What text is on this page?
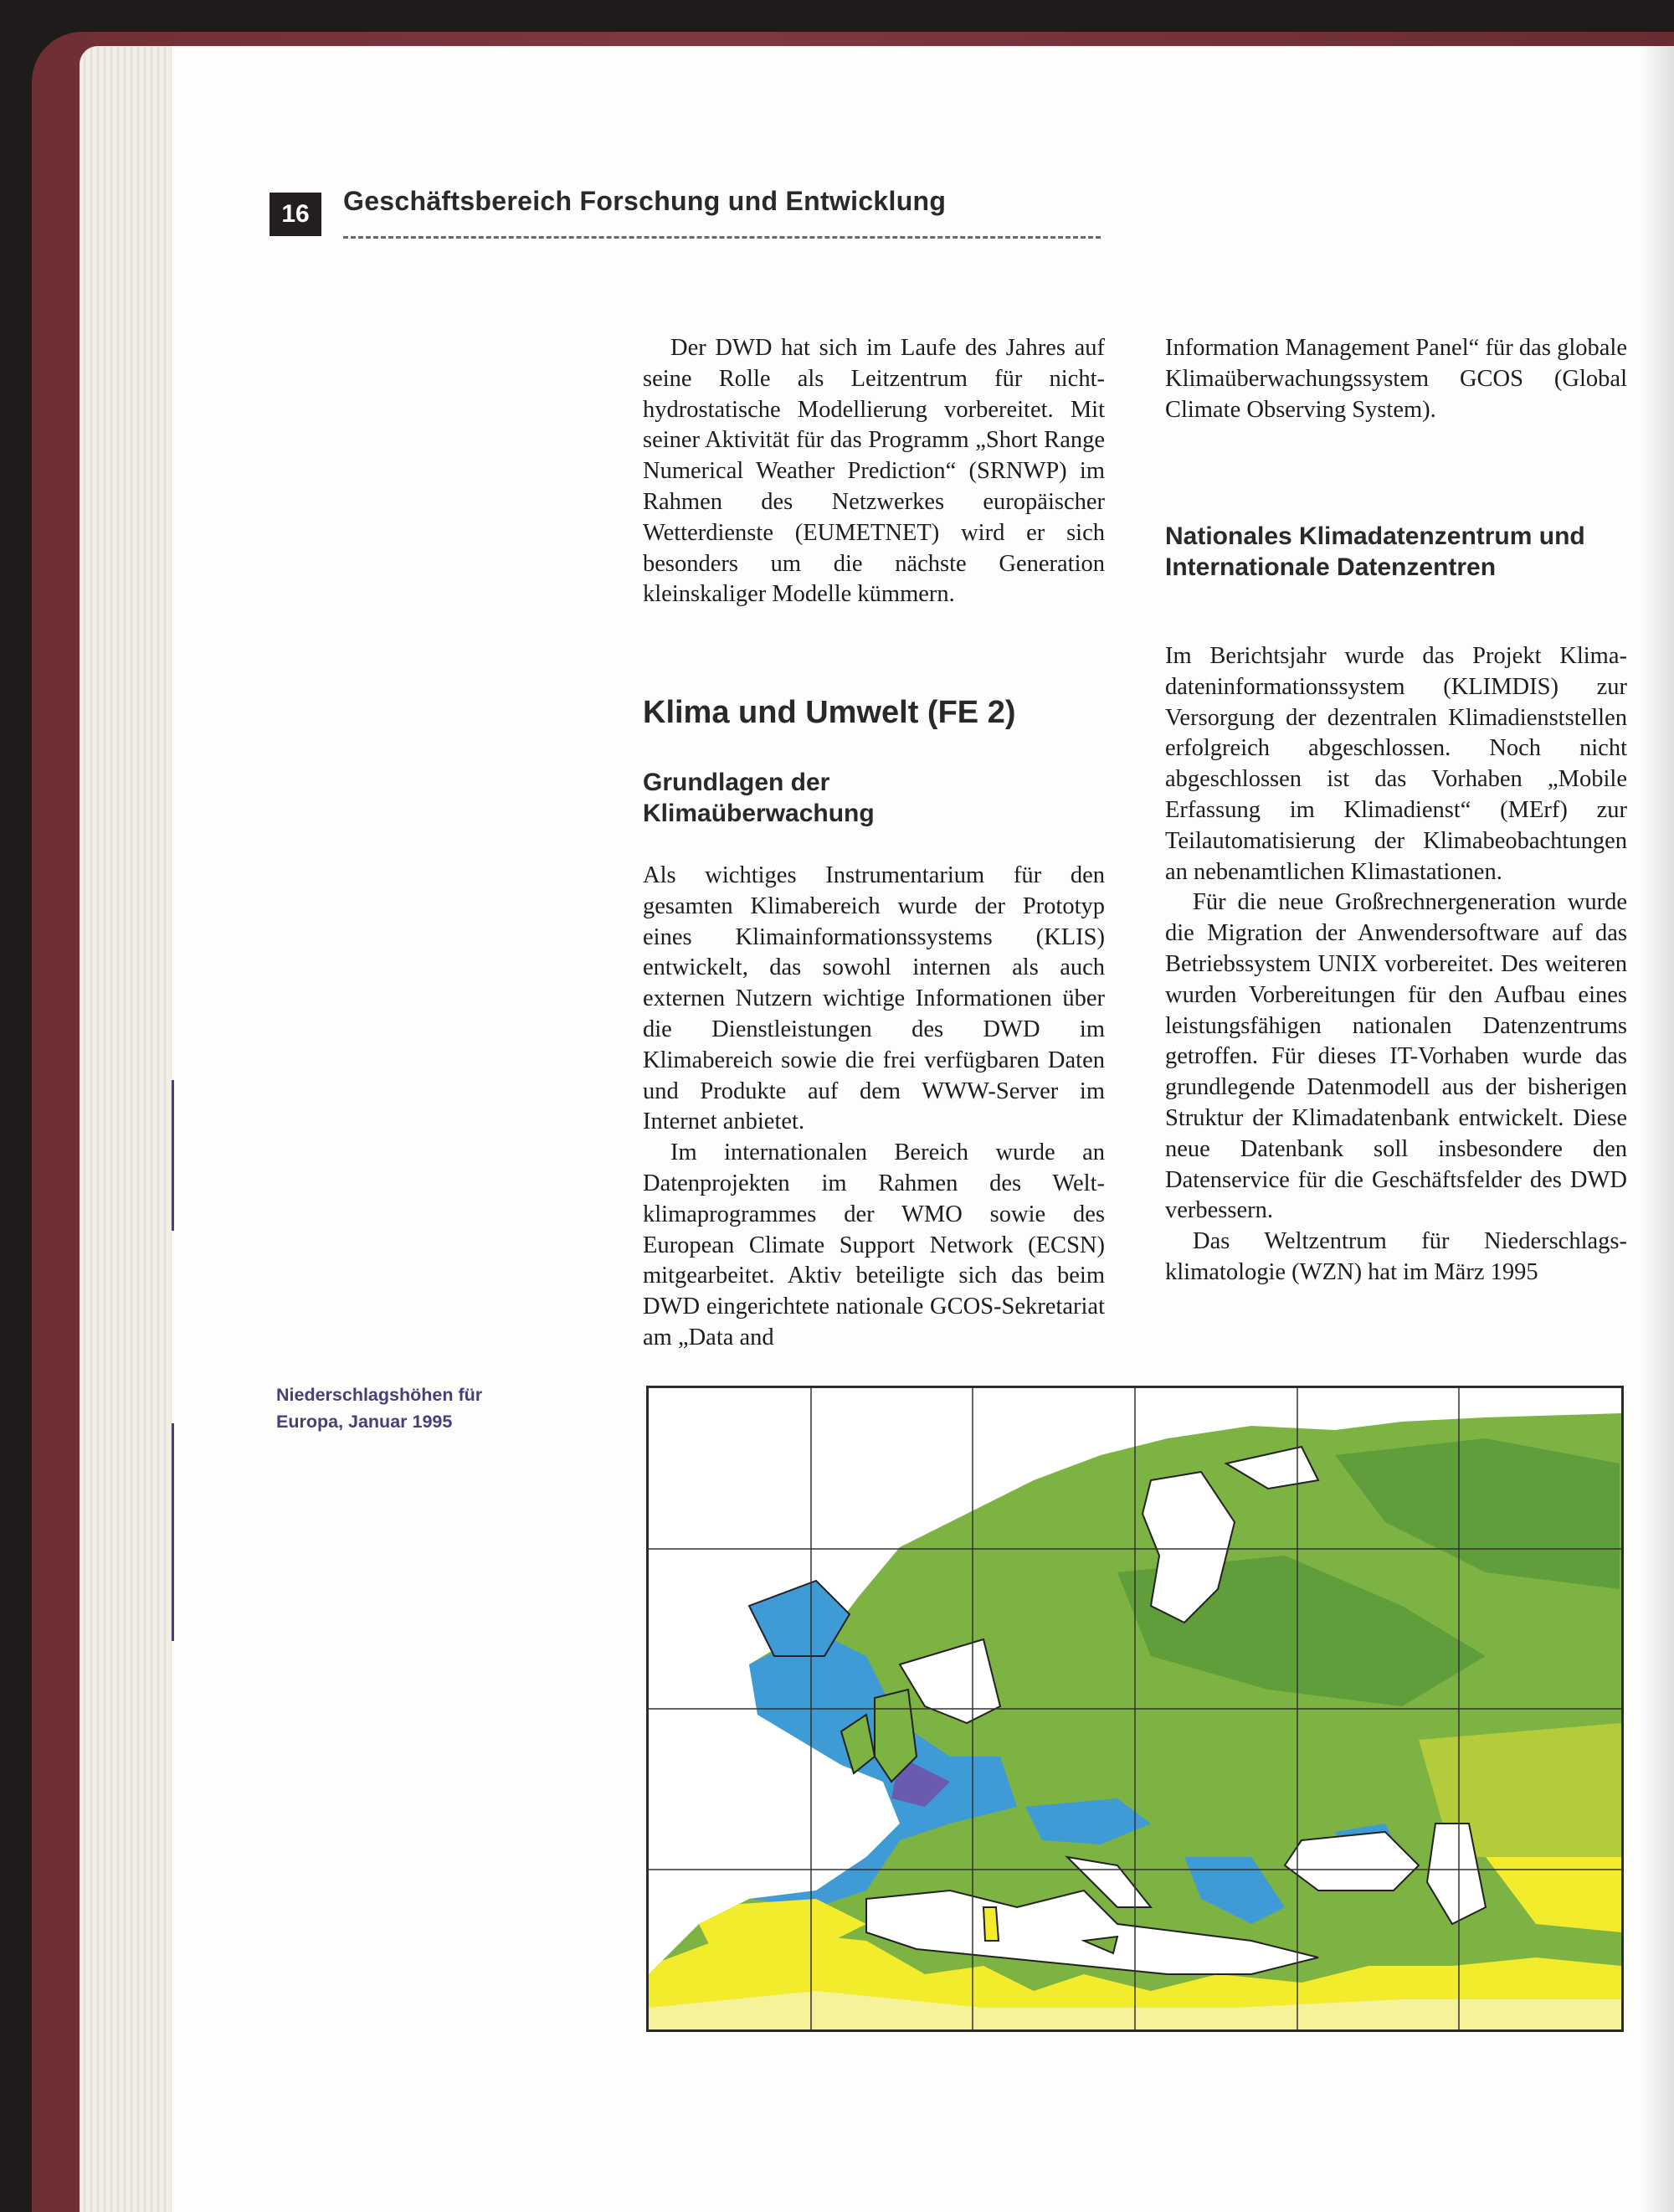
16	Geschäftsbereich Forschung und Entwicklung

Der DWD hat sich im Laufe des Jahres auf seine Rolle als Leitzentrum für nichthydrostatische Modellierung vorbereitet. Mit seiner Aktivität für das Programm „Short Range Numerical Weather Prediction“ (SRNWP) im Rahmen des Netzwerkes europäischer Wetterdienste (EUMETNET) wird er sich besonders um die nächste Generation kleinskaliger Modelle kümmern.

Klima und Umwelt (FE 2)
Grundlagen der Klimaüberwachung

Als wichtiges Instrumentarium für den gesamten Klimabereich wurde der Prototyp eines Klimainformationssystems (KLIS) entwickelt, das sowohl internen als auch externen Nutzern wichtige Informationen über die Dienstleistungen des DWD im Klimabereich sowie die frei verfügbaren Daten und Produkte auf dem WWW-Server im Internet anbietet.

Im internationalen Bereich wurde an Datenprojekten im Rahmen des Weltklimaprogrammes der WMO sowie des European Climate Support Network (ECSN) mitgearbeitet. Aktiv beteiligte sich das beim DWD eingerichtete nationale GCOS-Sekretariat am „Data and

Information Management Panel“ für das globale Klimaüberwachungssystem GCOS (Global Climate Observing System).

Nationales Klimadatenzentrum und Internationale Datenzentren

Im Berichtsjahr wurde das Projekt Klimadateninformationssystem (KLIMDIS) zur Versorgung der dezentralen Klimadienststellen erfolgreich abgeschlossen. Noch nicht abgeschlossen ist das Vorhaben „Mobile Erfassung im Klimadienst“ (MErf) zur Teilautomatisierung der Klimabeobachtungen an nebenamtlichen Klimastationen.

Für die neue Großrechnergeneration wurde die Migration der Anwendersoftware auf das Betriebssystem UNIX vorbereitet. Des weiteren wurden Vorbereitungen für den Aufbau eines leistungsfähigen nationalen Datenzentrums getroffen. Für dieses IT-Vorhaben wurde das grundlegende Datenmodell aus der bisherigen Struktur der Klimadatenbank entwickelt. Diese neue Datenbank soll insbesondere den Datenservice für die Geschäftsfelder des DWD verbessern.

Das Weltzentrum für Niederschlagsklimatologie (WZN) hat im März 1995

Niederschlagshöhen für Europa, Januar 1995
